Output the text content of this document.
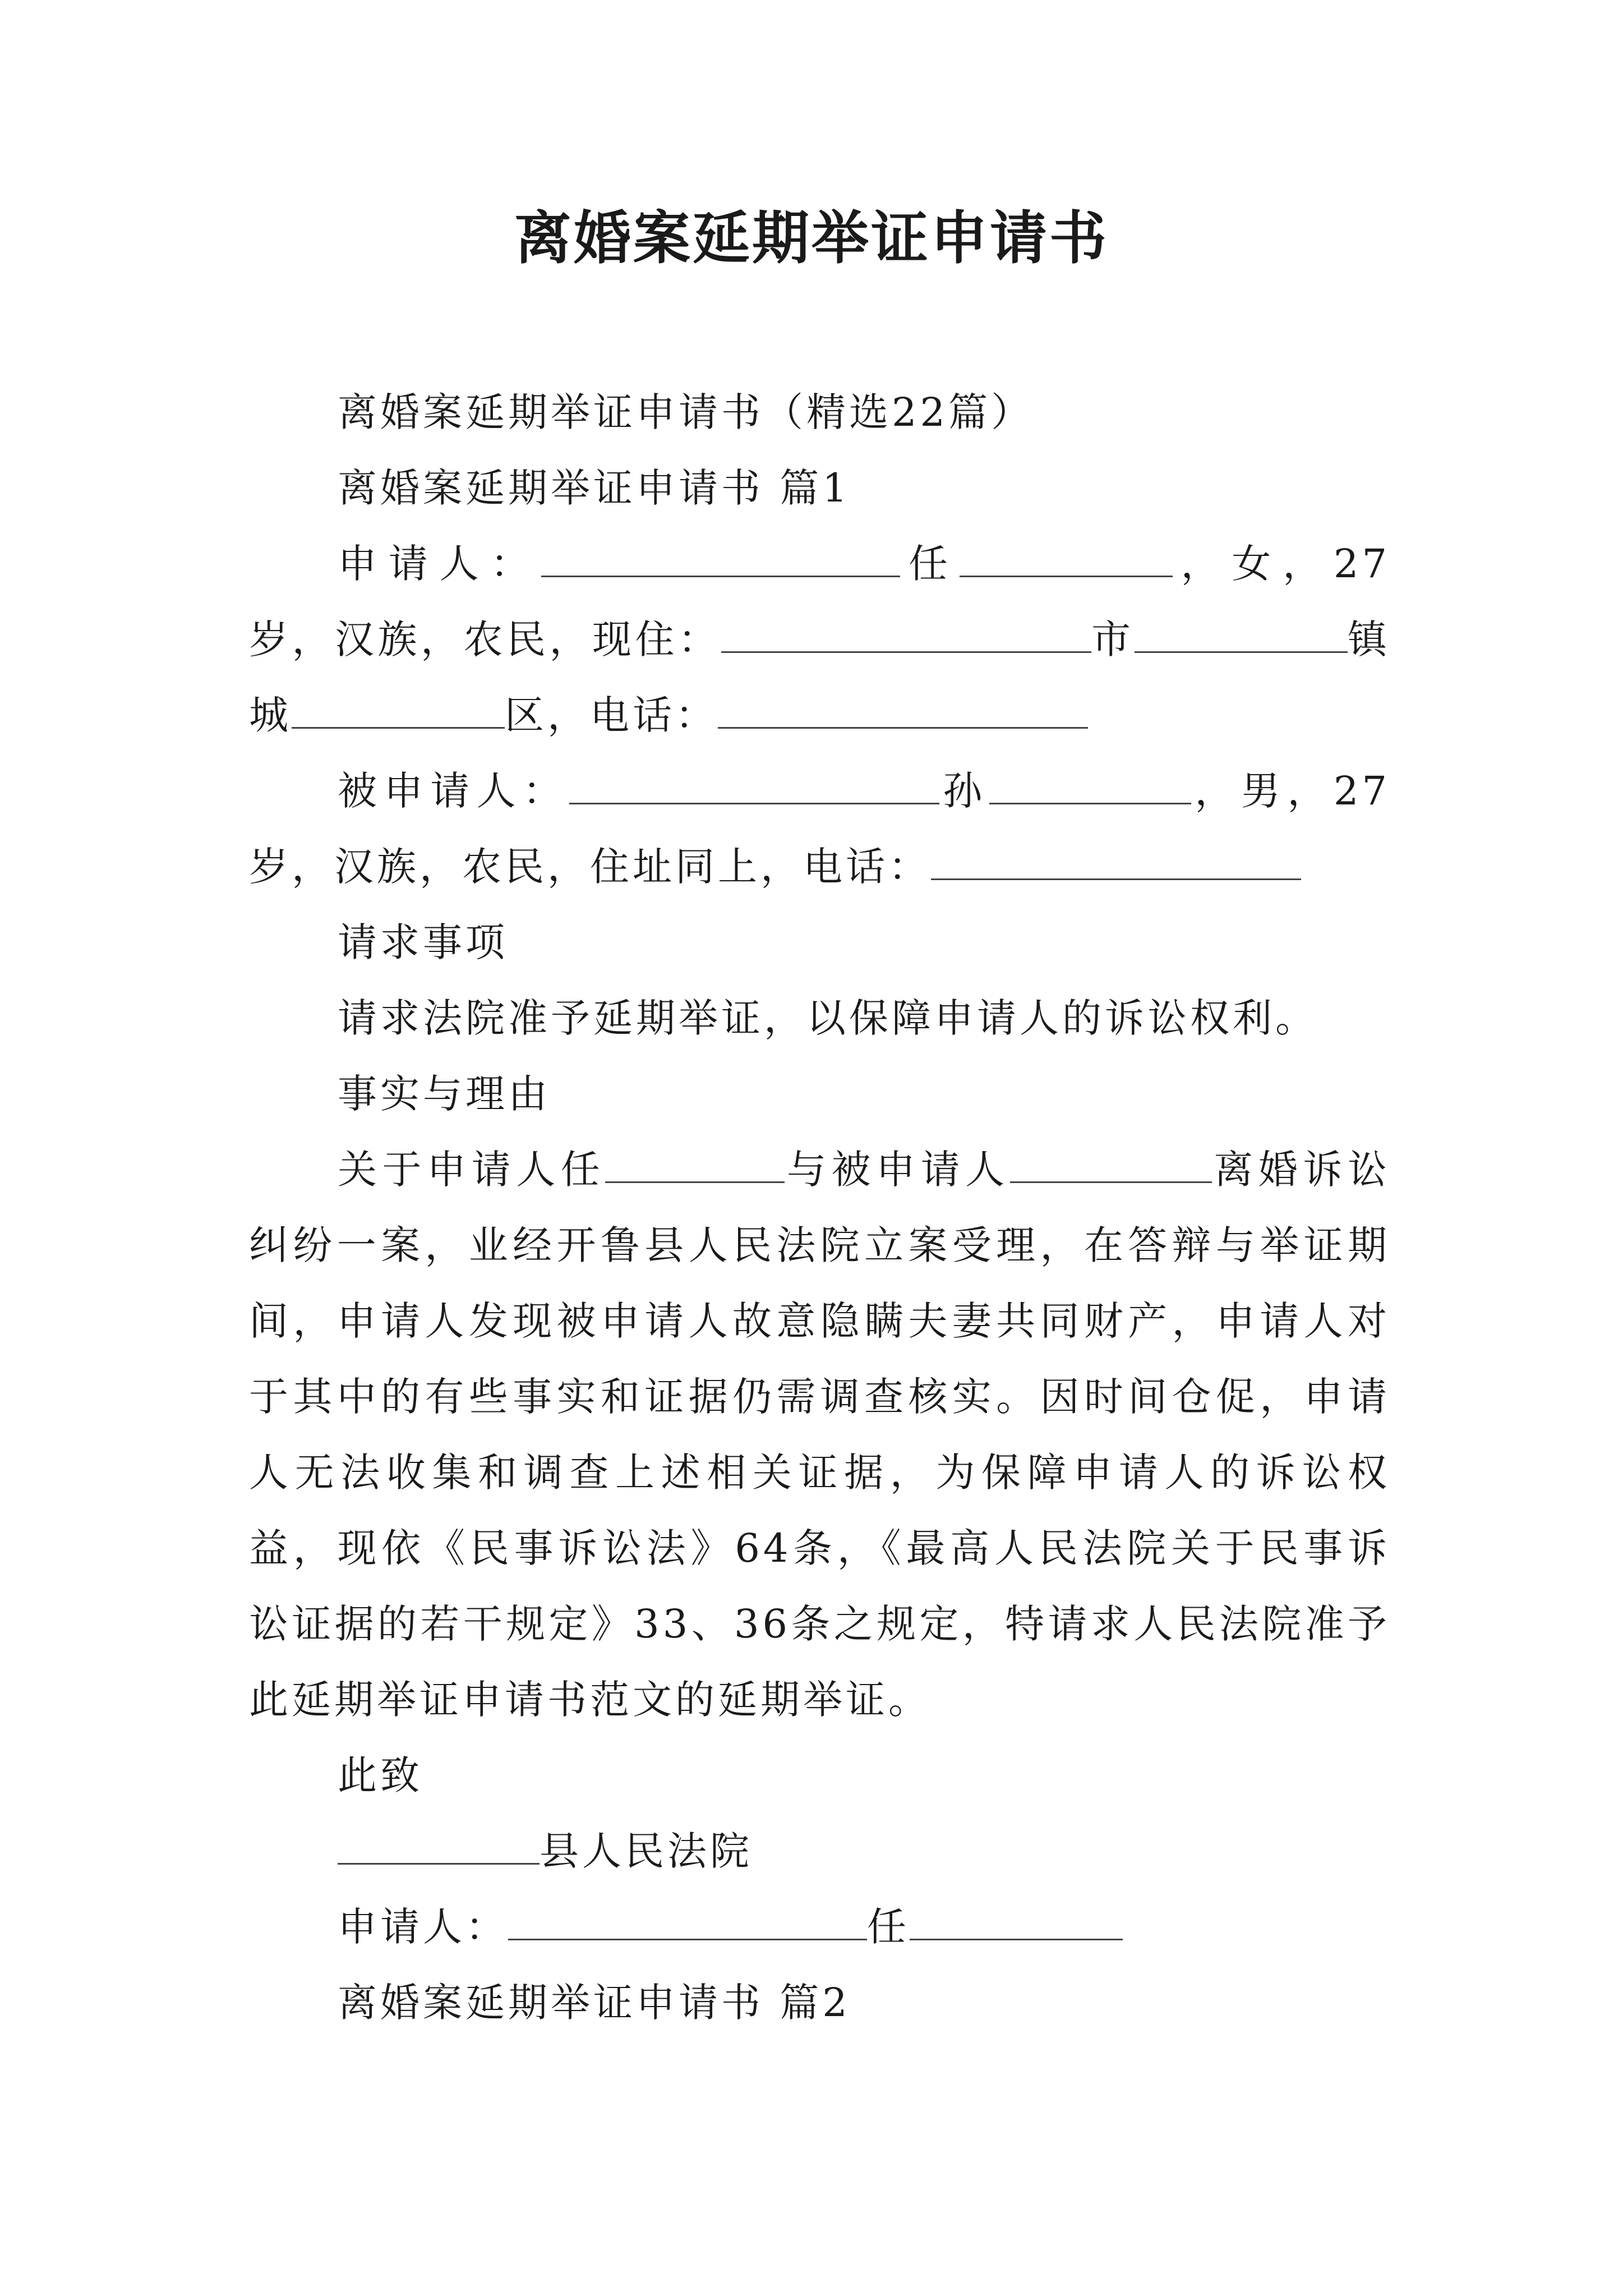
离婚案延期举证申请书

离婚案延期举证申请书（精选22篇）

离婚案延期举证申请书 篇1

申请人：	任	，女，27岁，汉族，农民，现住：	市	镇城	区，电话：

被申请人：	孙	，男，27岁，汉族，农民，住址同上，电话：

请求事项

请求法院准予延期举证，以保障申请人的诉讼权利。

事实与理由

关于申请人任	与被申请人	离婚诉讼纠纷一案，业经开鲁县人民法院立案受理，在答辩与举证期间，申请人发现被申请人故意隐瞒夫妻共同财产，申请人对于其中的有些事实和证据仍需调查核实。因时间仓促，申请人无法收集和调查上述相关证据，为保障申请人的诉讼权益，现依《民事诉讼法》64条，《最高人民法院关于民事诉讼证据的若干规定》33、36条之规定，特请求人民法院准予此延期举证申请书范文的延期举证。

此致

县人民法院

申请人：	任

离婚案延期举证申请书 篇2
